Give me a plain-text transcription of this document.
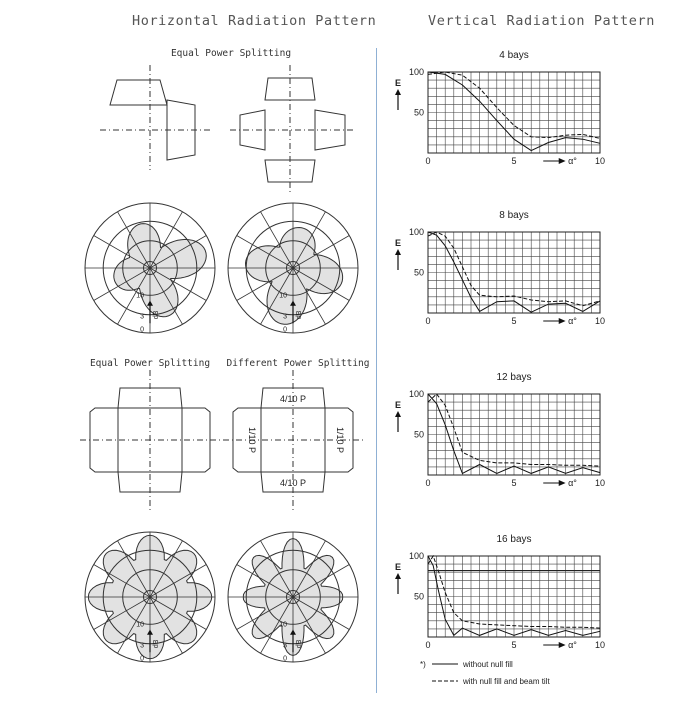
Horizontal Radiation Pattern	Vertical Radiation Pattern
Equal Power Splitting
Equal Power Splitting Different Power Splitting
4/10 P
4/10 P
1/10 P	1/10 P
10
3
0
dB
10
3
0
dB
10
3
0
dB
10
3
0
dB
4 bays
100
50
E
0	5	10
α°
8 bays
100
50
E
0	5	10
α°
12 bays
100
50
E
0	5	10
α°
16 bays
100
50
E
0	5	10
α°
*)	without null fill
with null fill and beam tilt
